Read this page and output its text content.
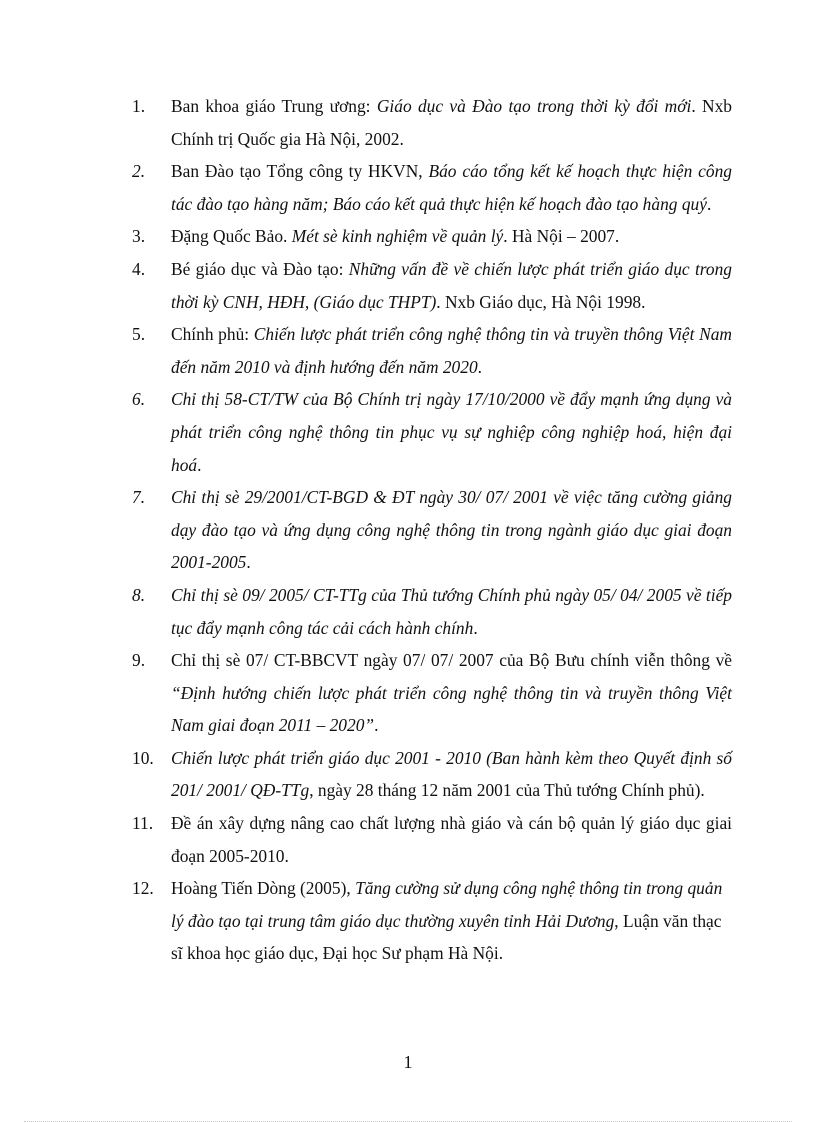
1. Ban khoa giáo Trung ương: Giáo dục và Đào tạo trong thời kỳ đổi mới. Nxb Chính trị Quốc gia Hà Nội, 2002.
2. Ban Đào tạo Tổng công ty HKVN, Báo cáo tổng kết kế hoạch thực hiện công tác đào tạo hàng năm; Báo cáo kết quả thực hiện kế hoạch đào tạo hàng quý.
3. Đặng Quốc Bảo. Mét sè kinh nghiệm về quản lý. Hà Nội – 2007.
4. Bé giáo dục và Đào tạo: Những vấn đề về chiến lược phát triển giáo dục trong thời kỳ CNH, HĐH, (Giáo dục THPT). Nxb Giáo dục, Hà Nội 1998.
5. Chính phủ: Chiến lược phát triển công nghệ thông tin và truyền thông Việt Nam đến năm 2010 và định hướng đến năm 2020.
6. Chỉ thị 58-CT/TW của Bộ Chính trị ngày 17/10/2000 về đẩy mạnh ứng dụng và phát triển công nghệ thông tin phục vụ sự nghiệp công nghiệp hoá, hiện đại hoá.
7. Chỉ thị sè 29/2001/CT-BGD & ĐT ngày 30/ 07/ 2001 về việc tăng cường giảng dạy đào tạo và ứng dụng công nghệ thông tin trong ngành giáo dục giai đoạn 2001-2005.
8. Chỉ thị sè 09/ 2005/ CT-TTg của Thủ tướng Chính phủ ngày 05/ 04/ 2005 về tiếp tục đẩy mạnh công tác cải cách hành chính.
9. Chỉ thị sè 07/ CT-BBCVT ngày 07/ 07/ 2007 của Bộ Bưu chính viễn thông về “Định hướng chiến lược phát triển công nghệ thông tin và truyền thông Việt Nam giai đoạn 2011 – 2020”.
10. Chiến lược phát triển giáo dục 2001 - 2010 (Ban hành kèm theo Quyết định số 201/ 2001/ QĐ-TTg, ngày 28 tháng 12 năm 2001 của Thủ tướng Chính phủ).
11. Đề án xây dựng nâng cao chất lượng nhà giáo và cán bộ quản lý giáo dục giai đoạn 2005-2010.
12. Hoàng Tiến Dòng (2005), Tăng cường sử dụng công nghệ thông tin trong quản lý đào tạo tại trung tâm giáo dục thường xuyên tỉnh Hải Dương, Luận văn thạc sĩ khoa học giáo dục, Đại học Sư phạm Hà Nội.
1
